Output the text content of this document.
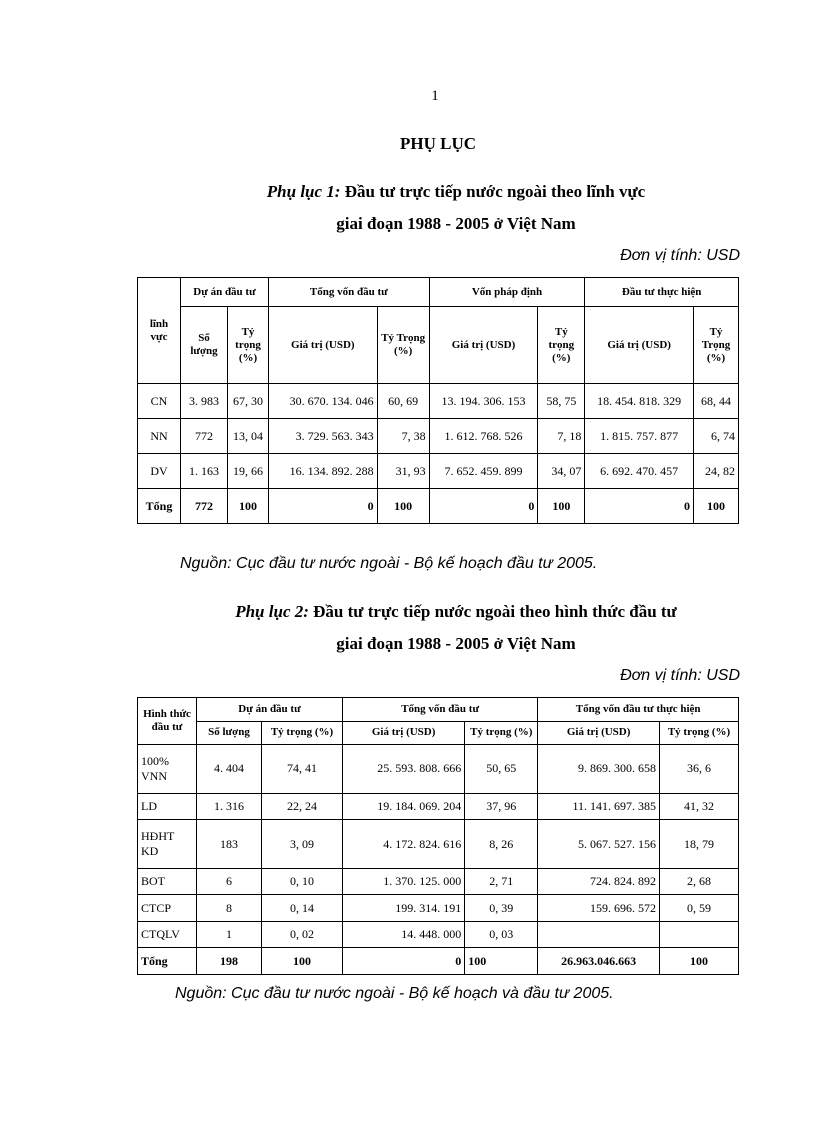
1
PHỤ LỤC
Phụ lục 1: Đầu tư trực tiếp nước ngoài theo lĩnh vực
giai đoạn 1988 - 2005 ở Việt Nam
Đơn vị tính: USD
lĩnh vực	Dự án đầu tư		Tổng vốn đầu tư		Vốn pháp định		Đầu tư thực hiện	
	Số lượng	Tỷ trọng (%)	Giá trị (USD)	Tỷ Trọng (%)	Giá trị (USD)	Tỷ trọng (%)	Giá trị (USD)	Tỷ Trọng (%)
CN	3. 983	67, 30	30. 670. 134. 046	60, 69	13. 194. 306. 153	58, 75	18. 454. 818. 329	68, 44
NN	772	13, 04	3. 729. 563. 343	7, 38	1. 612. 768. 526	7, 18	1. 815. 757. 877	6, 74
DV	1. 163	19, 66	16. 134. 892. 288	31, 93	7. 652. 459. 899	34, 07	6. 692. 470. 457	24, 82
Tổng	772	100	0	100	0	100	0	100
Nguồn: Cục đầu tư nước ngoài - Bộ kế hoạch đầu tư 2005.
Phụ lục 2: Đầu tư trực tiếp nước ngoài theo hình thức đầu tư
giai đoạn 1988 - 2005 ở Việt Nam
Đơn vị tính: USD
Hình thức đầu tư	Dự án đầu tư		Tổng vốn đầu tư		Tổng vốn đầu tư thực hiện	
	Số lượng	Tỷ trọng (%)	Giá trị (USD)	Tỷ trọng (%)	Giá trị (USD)	Tỷ trọng (%)
100% VNN	4. 404	74, 41	25. 593. 808. 666	50, 65	9. 869. 300. 658	36, 6
LD	1. 316	22, 24	19. 184. 069. 204	37, 96	11. 141. 697. 385	41, 32
HĐHT KD	183	3, 09	4. 172. 824. 616	8, 26	5. 067. 527. 156	18, 79
BOT	6	0, 10	1. 370. 125. 000	2, 71	724. 824. 892	2, 68
CTCP	8	0, 14	199. 314. 191	0, 39	159. 696. 572	0, 59
CTQLV	1	0, 02	14. 448. 000	0, 03		
Tổng	198	100	0	100	26.963.046.663	100
Nguồn: Cục đầu tư nước ngoài - Bộ kế hoạch và đầu tư 2005.
